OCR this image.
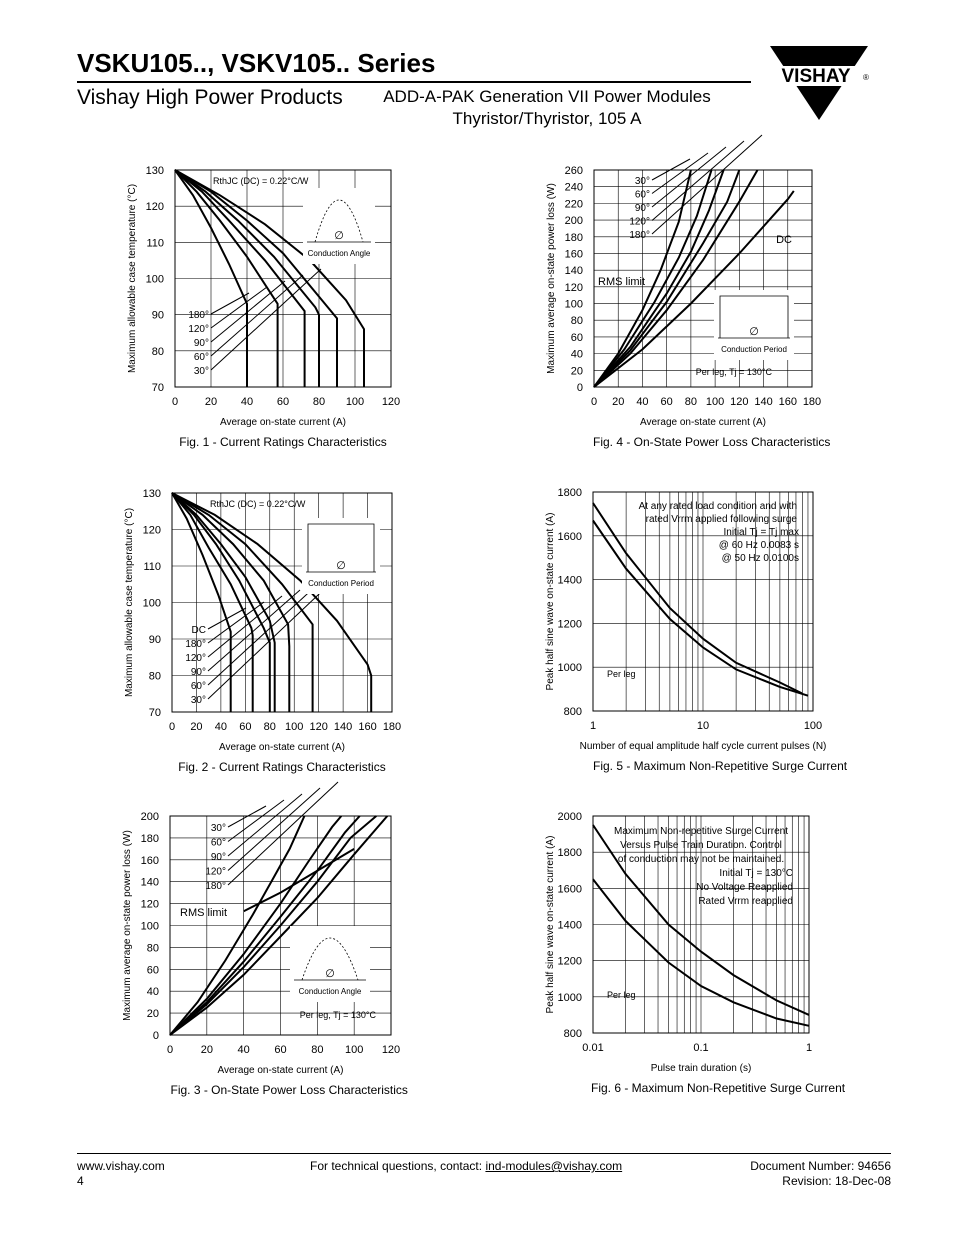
VSKU105.., VSKV105.. Series
Vishay High Power Products	ADD-A-PAK Generation VII Power Modules
Thyristor/Thyristor, 105 A
VISHAY ®
0 20 40 60 80 100 120
70
80
90
100
110
120
130
Average on-state current (A)
Maximum allowable case temperature (°C)	180°
120°
90°
60°
30°
RthJC (DC) = 0.22°C/W
∅
Conduction Angle
Fig. 1 - Current Ratings Characteristics
0 20 40 60 80 100 120 140 160 180
0
20
40
60
80
100
120
140
160
180
200
220
240
260
Average on-state current (A)
Maximum average on-state power loss (W)
30°
60°
90°
120°
180°
RMS limit
Per leg, Tj = 130°C
DC
∅
Conduction Period
Fig. 4 - On-State Power Loss Characteristics
0 20 40 60 80 100 120 140 160 180
70
80
90
100
110
120
130
Average on-state current (A)
Maximum allowable case temperature (°C)	DC
180°
120°
90°
60°
30°
RthJC (DC) = 0.22°C/W
∅
Conduction Period
Fig. 2 - Current Ratings Characteristics
1	10	100
800
1000
1200
1400
1600
1800
Number of equal amplitude half cycle current pulses (N)
Peak half sine wave on-state current (A)
At any rated load condition and with
rated Vrrm applied following surge
Initial Tj = Tj max
@ 60 Hz 0.0083 s
@ 50 Hz 0.0100s
Per leg
Fig. 5 - Maximum Non-Repetitive Surge Current
0	20 40 60 80 100 120
0
20
40
60
80
100
120
140
160
180
200
Average on-state current (A)
Maximum average on-state power loss (W)
30°
60°
90°
120°
180°
RMS limit
Per leg, Tj = 130°C
∅
Conduction Angle
Fig. 3 - On-State Power Loss Characteristics
0.01	0.1	1
800
1000
1200
1400
1600
1800
2000
Pulse train duration (s)
Peak half sine wave on-state current (A)
Maximum Non-repetitive Surge Current
Versus Pulse Train Duration. Control
of conduction may not be maintained.
Initial Tj = 130°C
No Voltage Reapplied
Rated Vrrm reapplied
Per leg
Fig. 6 - Maximum Non-Repetitive Surge Current
www.vishay.com
4
For technical questions, contact: ind-modules@vishay.com	Document Number: 94656
Revision: 18-Dec-08
